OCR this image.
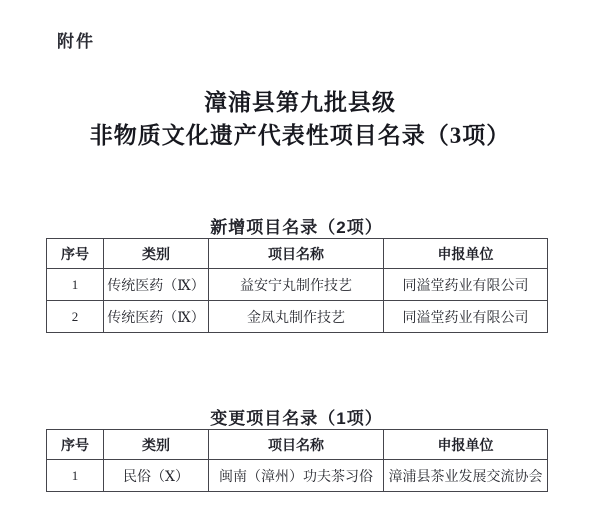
附件
漳浦县第九批县级
非物质文化遗产代表性项目名录（3项）
新增项目名录（2项）
序号	类别	项目名称	申报单位
1	传统医药（Ⅸ）	益安宁丸制作技艺	同溢堂药业有限公司
2	传统医药（Ⅸ）	金凤丸制作技艺	同溢堂药业有限公司
变更项目名录（1项）
序号	类别	项目名称	申报单位
1	民俗（Ⅹ）	闽南（漳州）功夫茶习俗	漳浦县茶业发展交流协会
